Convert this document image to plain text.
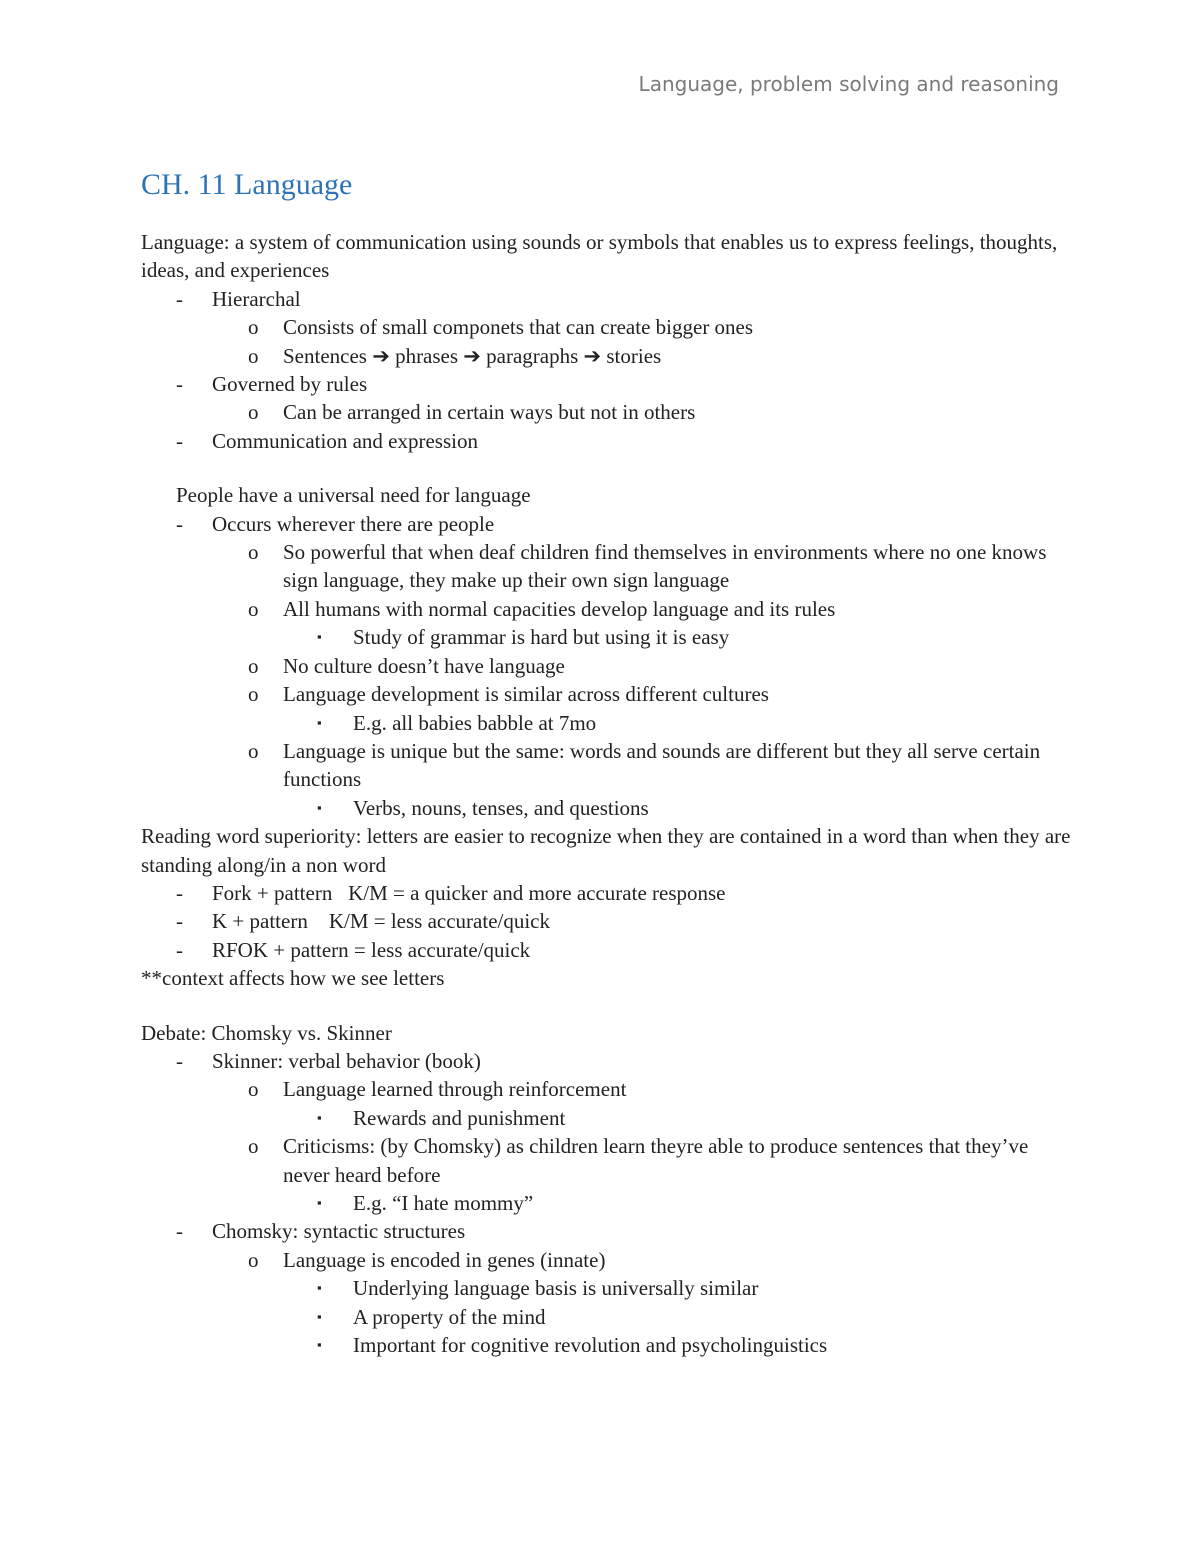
Language, problem solving and reasoning
CH. 11 Language
Language: a system of communication using sounds or symbols that enables us to express feelings, thoughts, ideas, and experiences
- Hierarchal
o Consists of small componets that can create bigger ones
o Sentences ➔ phrases ➔ paragraphs ➔ stories
- Governed by rules
o Can be arranged in certain ways but not in others
- Communication and expression
People have a universal need for language
- Occurs wherever there are people
o So powerful that when deaf children find themselves in environments where no one knows sign language, they make up their own sign language
o All humans with normal capacities develop language and its rules
▪ Study of grammar is hard but using it is easy
o No culture doesn’t have language
o Language development is similar across different cultures
▪ E.g. all babies babble at 7mo
o Language is unique but the same: words and sounds are different but they all serve certain functions
▪ Verbs, nouns, tenses, and questions
Reading word superiority: letters are easier to recognize when they are contained in a word than when they are standing along/in a non word
- Fork + pattern   K/M = a quicker and more accurate response
- K + pattern    K/M = less accurate/quick
- RFOK + pattern = less accurate/quick
**context affects how we see letters
Debate: Chomsky vs. Skinner
- Skinner: verbal behavior (book)
o Language learned through reinforcement
▪ Rewards and punishment
o Criticisms: (by Chomsky) as children learn theyre able to produce sentences that they’ve never heard before
▪ E.g. “I hate mommy”
- Chomsky: syntactic structures
o Language is encoded in genes (innate)
▪ Underlying language basis is universally similar
▪ A property of the mind
▪ Important for cognitive revolution and psycholinguistics
